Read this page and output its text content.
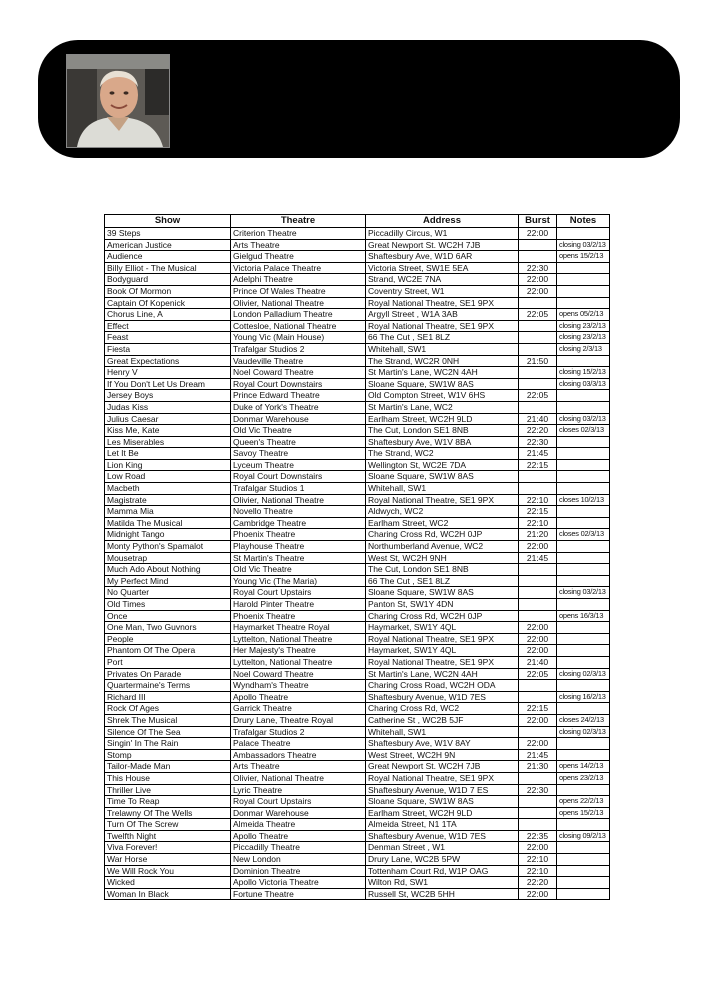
Show	Theatre	Address	Burst	Notes
39 Steps	Criterion Theatre	Piccadilly Circus, W1	22:00	
American Justice	Arts Theatre	Great Newport St. WC2H 7JB		closing 03/2/13
Audience	Gielgud Theatre	Shaftesbury Ave, W1D 6AR		opens 15/2/13
Billy Elliot - The Musical	Victoria Palace Theatre	Victoria Street, SW1E 5EA	22:30	
Bodyguard	Adelphi Theatre	Strand, WC2E 7NA	22:00	
Book Of Mormon	Prince Of Wales Theatre	Coventry Street, W1	22:00	
Captain Of Kopenick	Olivier, National Theatre	Royal National Theatre, SE1 9PX		
Chorus Line, A	London Palladium Theatre	Argyll Street , W1A 3AB	22:05	opens 05/2/13
Effect	Cottesloe, National Theatre	Royal National Theatre, SE1 9PX		closing 23/2/13
Feast	Young Vic (Main House)	66 The Cut , SE1 8LZ		closing 23/2/13
Fiesta	Trafalgar Studios 2	Whitehall, SW1		closing 2/3/13
Great Expectations	Vaudeville Theatre	The Strand, WC2R 0NH	21:50	
Henry V	Noel Coward Theatre	St Martin's Lane, WC2N 4AH		closing 15/2/13
If You Don't Let Us Dream	Royal Court Downstairs	Sloane Square, SW1W 8AS		closing 03/3/13
Jersey Boys	Prince Edward Theatre	Old Compton Street, W1V 6HS	22:05	
Judas Kiss	Duke of York's Theatre	St Martin's Lane, WC2		
Julius Caesar	Donmar Warehouse	Earlham Street, WC2H 9LD	21:40	closing 03/2/13
Kiss Me, Kate	Old Vic Theatre	The Cut, London SE1 8NB	22:20	closes 02/3/13
Les Miserables	Queen's Theatre	Shaftesbury Ave, W1V 8BA	22:30	
Let It Be	Savoy Theatre	The Strand, WC2	21:45	
Lion King	Lyceum Theatre	Wellington St, WC2E 7DA	22:15	
Low Road	Royal Court Downstairs	Sloane Square, SW1W 8AS		
Macbeth	Trafalgar Studios 1	Whitehall, SW1		
Magistrate	Olivier, National Theatre	Royal National Theatre, SE1 9PX	22:10	closes 10/2/13
Mamma Mia	Novello Theatre	Aldwych, WC2	22:15	
Matilda The Musical	Cambridge Theatre	Earlham Street, WC2	22:10	
Midnight Tango	Phoenix Theatre	Charing Cross Rd, WC2H 0JP	21:20	closes 02/3/13
Monty Python's Spamalot	Playhouse Theatre	Northumberland Avenue, WC2	22:00	
Mousetrap	St Martin's Theatre	West St, WC2H 9NH	21:45	
Much Ado About Nothing	Old Vic Theatre	The Cut, London SE1 8NB		
My Perfect Mind	Young Vic (The Maria)	66 The Cut , SE1 8LZ		
No Quarter	Royal Court Upstairs	Sloane Square, SW1W 8AS		closing 03/2/13
Old Times	Harold Pinter Theatre	Panton St, SW1Y 4DN		
Once	Phoenix Theatre	Charing Cross Rd, WC2H 0JP		opens 16/3/13
One Man, Two Guvnors	Haymarket Theatre Royal	Haymarket, SW1Y 4QL	22:00	
People	Lyttelton, National Theatre	Royal National Theatre, SE1 9PX	22:00	
Phantom Of The Opera	Her Majesty's Theatre	Haymarket, SW1Y 4QL	22:00	
Port	Lyttelton, National Theatre	Royal National Theatre, SE1 9PX	21:40	
Privates On Parade	Noel Coward Theatre	St Martin's Lane, WC2N 4AH	22:05	closing 02/3/13
Quartermaine's Terms	Wyndham's Theatre	Charing Cross Road, WC2H ODA		
Richard III	Apollo Theatre	Shaftesbury Avenue, W1D 7ES		closing 16/2/13
Rock Of Ages	Garrick Theatre	Charing Cross Rd, WC2	22:15	
Shrek The Musical	Drury Lane, Theatre Royal	Catherine St , WC2B 5JF	22:00	closes 24/2/13
Silence Of The Sea	Trafalgar Studios 2	Whitehall, SW1		closing 02/3/13
Singin' In The Rain	Palace Theatre	Shaftesbury Ave, W1V 8AY	22:00	
Stomp	Ambassadors Theatre	West Street, WC2H 9N	21:45	
Tailor-Made Man	Arts Theatre	Great Newport St. WC2H 7JB	21:30	opens 14/2/13
This House	Olivier, National Theatre	Royal National Theatre, SE1 9PX		opens 23/2/13
Thriller Live	Lyric Theatre	Shaftesbury Avenue, W1D 7 ES	22:30	
Time To Reap	Royal Court Upstairs	Sloane Square, SW1W 8AS		opens 22/2/13
Trelawny Of The Wells	Donmar Warehouse	Earlham Street, WC2H 9LD		opens 15/2/13
Turn Of The Screw	Almeida Theatre	Almeida Street, N1 1TA		
Twelfth Night	Apollo Theatre	Shaftesbury Avenue, W1D 7ES	22:35	closing 09/2/13
Viva Forever!	Piccadilly Theatre	Denman Street , W1	22:00	
War Horse	New London	Drury Lane, WC2B 5PW	22:10	
We Will Rock You	Dominion Theatre	Tottenham Court Rd, W1P OAG	22:10	
Wicked	Apollo Victoria Theatre	Wilton Rd, SW1	22:20	
Woman In Black	Fortune Theatre	Russell St, WC2B 5HH	22:00	
